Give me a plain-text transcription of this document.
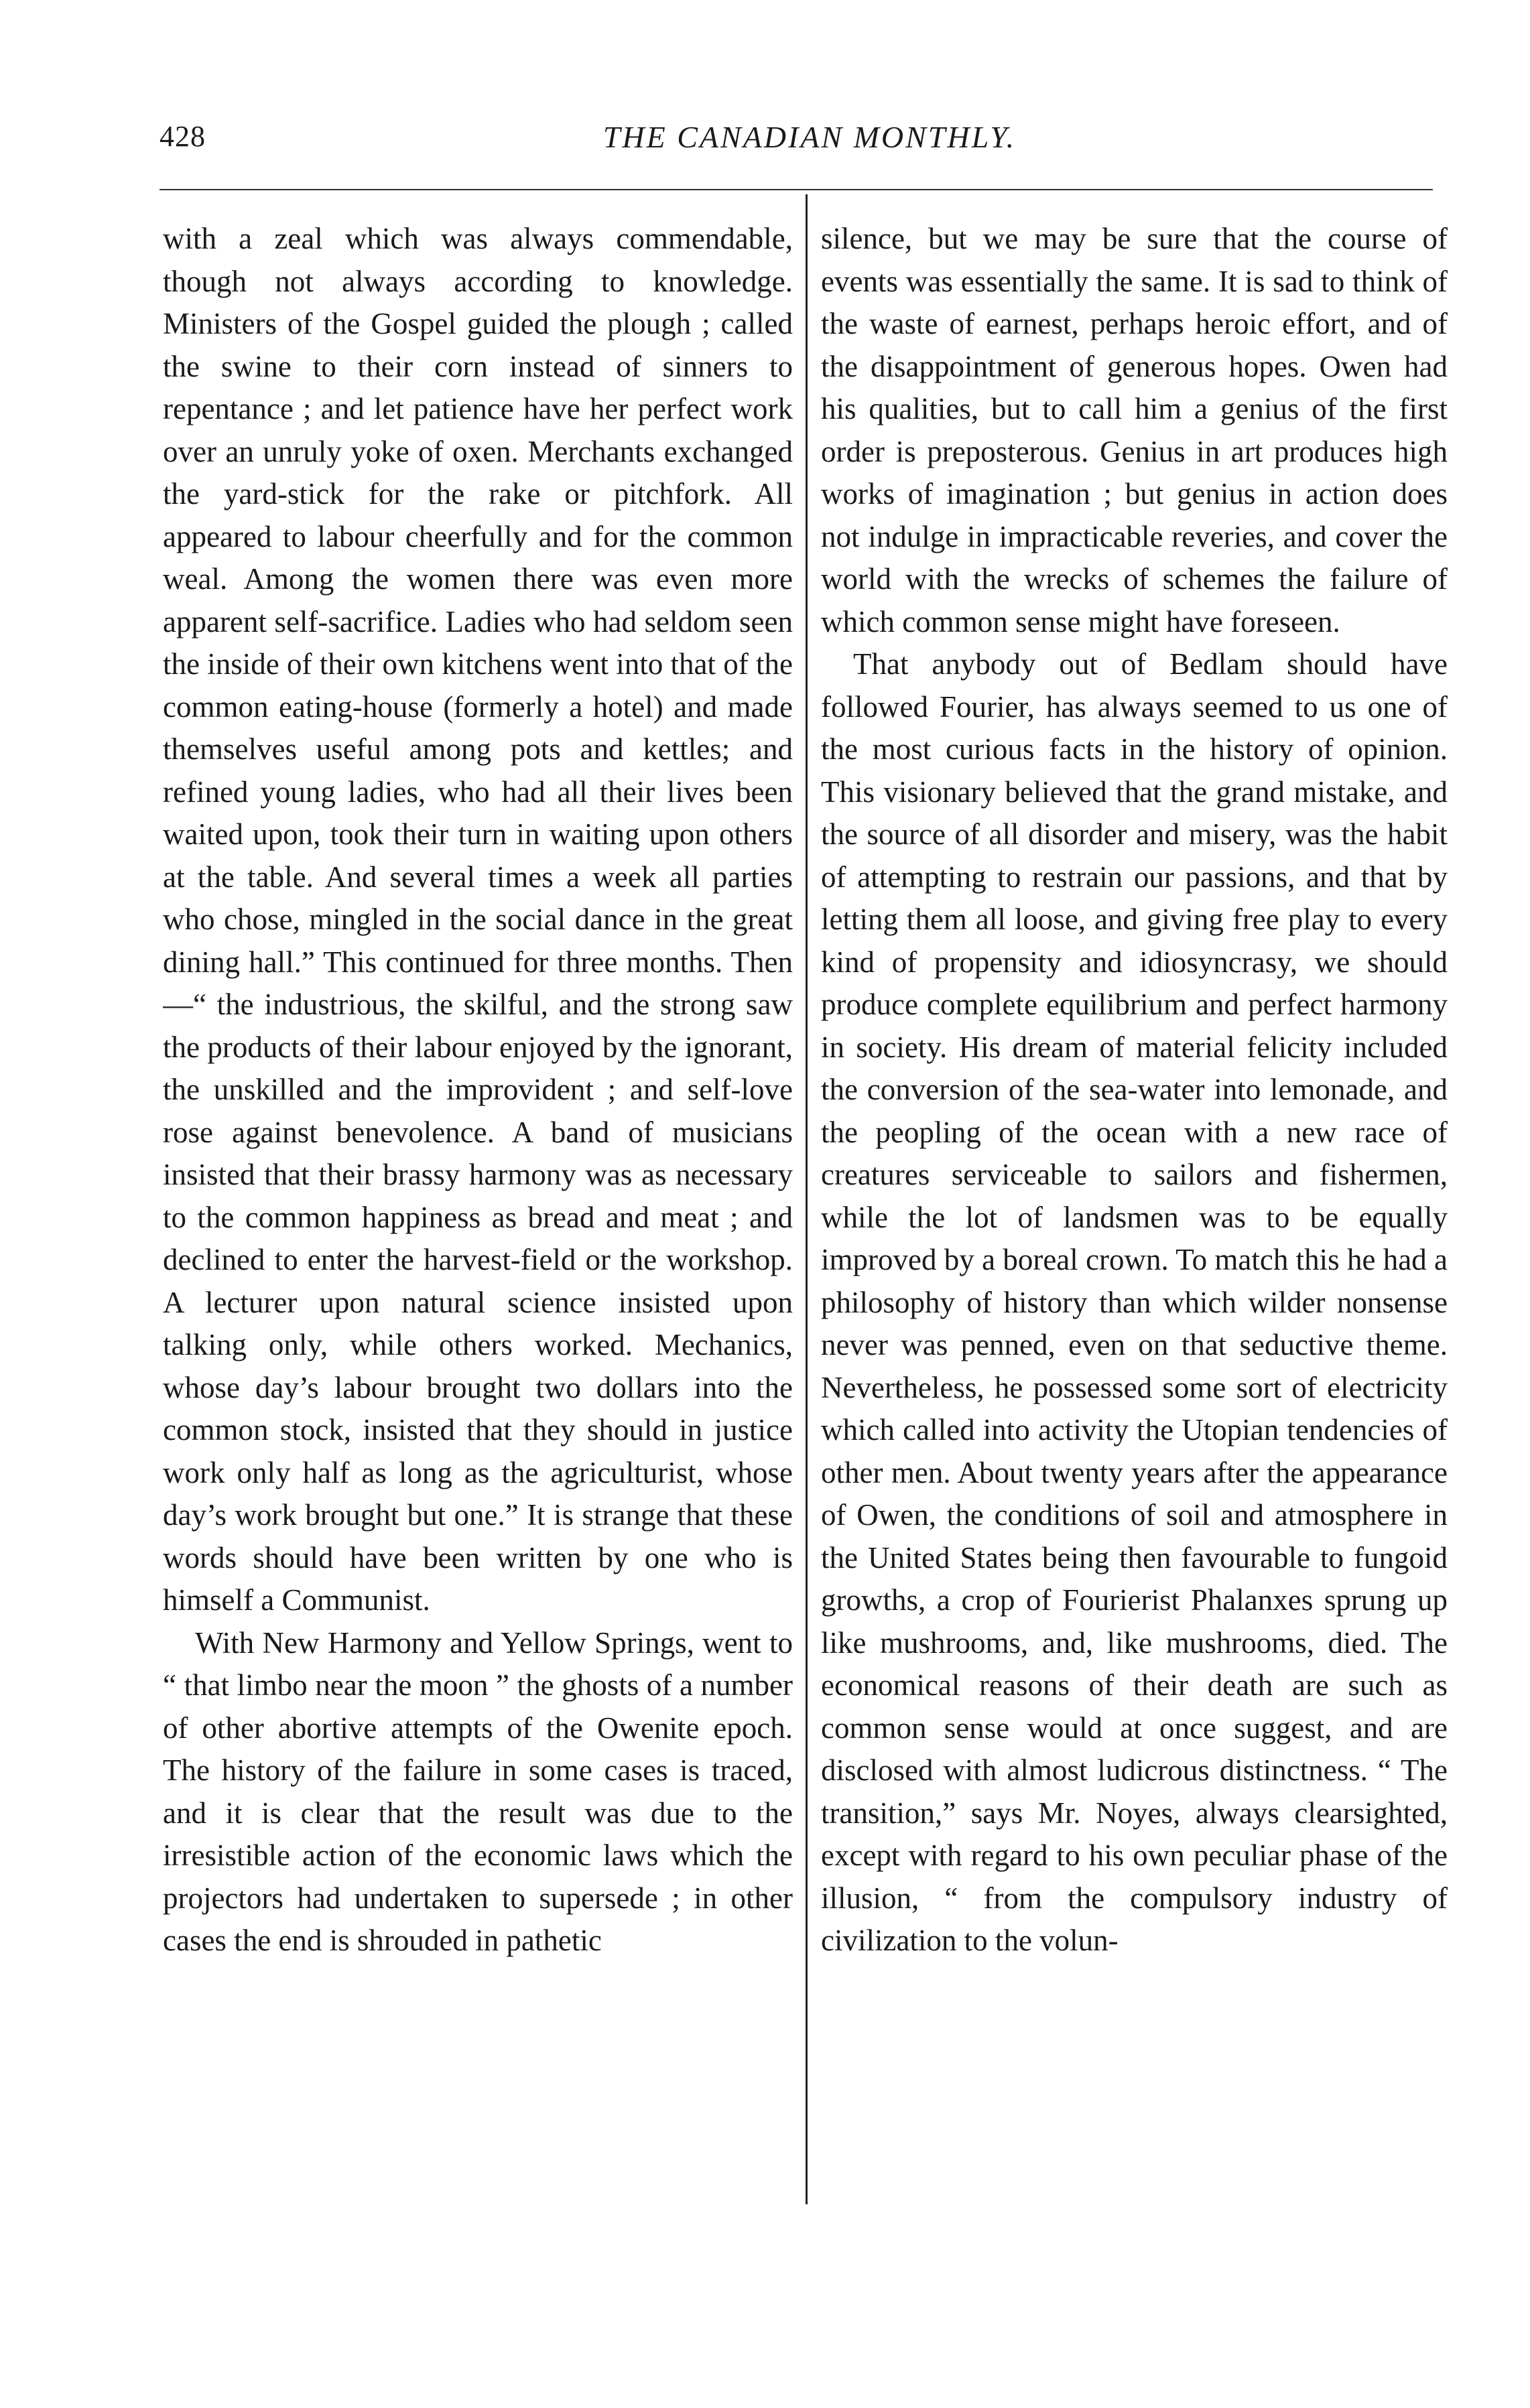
428	THE CANADIAN MONTHLY.

with a zeal which was always commendable, though not always according to knowledge. Ministers of the Gospel guided the plough ; called the swine to their corn instead of sinners to repentance ; and let patience have her perfect work over an unruly yoke of oxen. Merchants exchanged the yard-stick for the rake or pitchfork. All appeared to labour cheerfully and for the common weal. Among the women there was even more apparent self-sacrifice. Ladies who had seldom seen the inside of their own kitchens went into that of the common eating-house (formerly a hotel) and made themselves useful among pots and kettles; and refined young ladies, who had all their lives been waited upon, took their turn in waiting upon others at the table. And several times a week all parties who chose, mingled in the social dance in the great dining hall.” This continued for three months. Then—“ the industrious, the skilful, and the strong saw the products of their labour enjoyed by the ignorant, the unskilled and the improvident ; and self-love rose against benevolence. A band of musicians insisted that their brassy harmony was as necessary to the common happiness as bread and meat ; and declined to enter the harvest-field or the workshop. A lecturer upon natural science insisted upon talking only, while others worked. Mechanics, whose day’s labour brought two dollars into the common stock, insisted that they should in justice work only half as long as the agriculturist, whose day’s work brought but one.” It is strange that these words should have been written by one who is himself a Communist.

With New Harmony and Yellow Springs, went to “ that limbo near the moon ” the ghosts of a number of other abortive attempts of the Owenite epoch. The history of the failure in some cases is traced, and it is clear that the result was due to the irresistible action of the economic laws which the projectors had undertaken to supersede ; in other cases the end is shrouded in pathetic

silence, but we may be sure that the course of events was essentially the same. It is sad to think of the waste of earnest, perhaps heroic effort, and of the disappointment of generous hopes. Owen had his qualities, but to call him a genius of the first order is preposterous. Genius in art produces high works of imagination ; but genius in action does not indulge in impracticable reveries, and cover the world with the wrecks of schemes the failure of which common sense might have foreseen.

That anybody out of Bedlam should have followed Fourier, has always seemed to us one of the most curious facts in the history of opinion. This visionary believed that the grand mistake, and the source of all disorder and misery, was the habit of attempting to restrain our passions, and that by letting them all loose, and giving free play to every kind of propensity and idiosyncrasy, we should produce complete equilibrium and perfect harmony in society. His dream of material felicity included the conversion of the sea-water into lemonade, and the peopling of the ocean with a new race of creatures serviceable to sailors and fishermen, while the lot of landsmen was to be equally improved by a boreal crown. To match this he had a philosophy of history than which wilder nonsense never was penned, even on that seductive theme. Nevertheless, he possessed some sort of electricity which called into activity the Utopian tendencies of other men. About twenty years after the appearance of Owen, the conditions of soil and atmosphere in the United States being then favourable to fungoid growths, a crop of Fourierist Phalanxes sprung up like mushrooms, and, like mushrooms, died. The economical reasons of their death are such as common sense would at once suggest, and are disclosed with almost ludicrous distinctness. “ The transition,” says Mr. Noyes, always clearsighted, except with regard to his own peculiar phase of the illusion, “ from the compulsory industry of civilization to the volun-
